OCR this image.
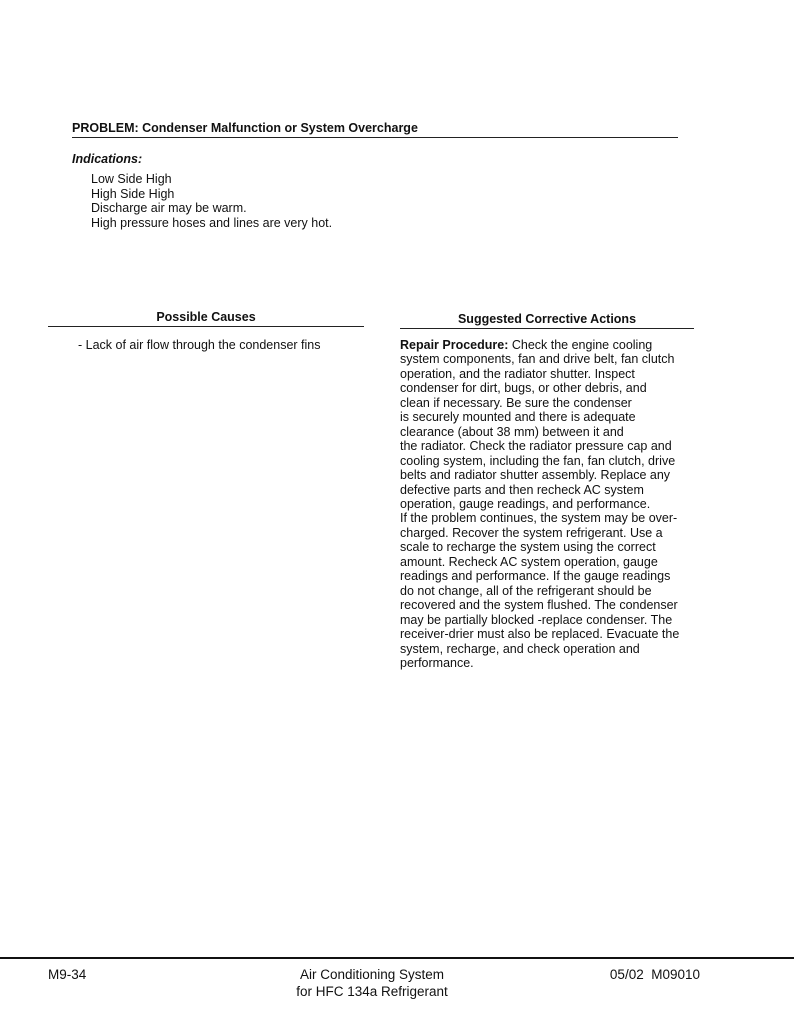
PROBLEM: Condenser Malfunction or System Overcharge
Indications:
Low Side High
High Side High
Discharge air may be warm.
High pressure hoses and lines are very hot.
Possible Causes	Suggested Corrective Actions
- Lack of air flow through the condenser fins	Repair Procedure: Check the engine cooling
system components, fan and drive belt, fan clutch
operation, and the radiator shutter. Inspect
condenser for dirt, bugs, or other debris, and
clean if necessary. Be sure the condenser
is securely mounted and there is adequate
clearance (about 38 mm) between it and
the radiator. Check the radiator pressure cap and
cooling system, including the fan, fan clutch, drive
belts and radiator shutter assembly. Replace any
defective parts and then recheck AC system
operation, gauge readings, and performance.
If the problem continues, the system may be over-
charged. Recover the system refrigerant. Use a
scale to recharge the system using the correct
amount. Recheck AC system operation, gauge
readings and performance. If the gauge readings
do not change, all of the refrigerant should be
recovered and the system flushed. The condenser
may be partially blocked -replace condenser. The
receiver-drier must also be replaced. Evacuate the
system, recharge, and check operation and
performance.
M9-34	Air Conditioning System
for HFC 134a Refrigerant
05/02  M09010
